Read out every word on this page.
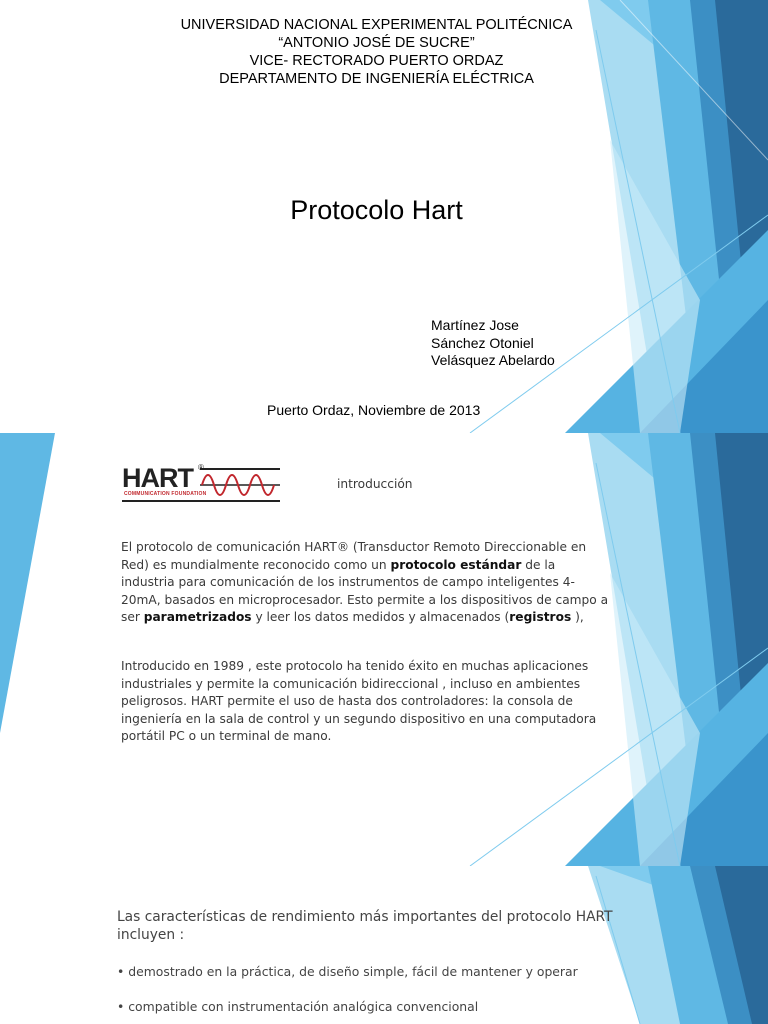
UNIVERSIDAD NACIONAL EXPERIMENTAL POLITÉCNICA
“ANTONIO JOSÉ DE SUCRE”
VICE- RECTORADO PUERTO ORDAZ
DEPARTAMENTO DE INGENIERÍA ELÉCTRICA
Protocolo Hart
Martínez Jose
Sánchez Otoniel
Velásquez Abelardo
Puerto Ordaz, Noviembre de 2013
HART ®
COMMUNICATION FOUNDATION
introducción
El protocolo de comunicación HART® (Transductor Remoto Direccionable en Red) es mundialmente reconocido como un protocolo estándar de la industria para comunicación de los instrumentos de campo inteligentes 4-20mA, basados en microprocesador. Esto permite a los dispositivos de campo a ser parametrizados y leer los datos medidos y almacenados (registros ),
Introducido en 1989 , este protocolo ha tenido éxito en muchas aplicaciones industriales y permite la comunicación bidireccional , incluso en ambientes peligrosos. HART permite el uso de hasta dos controladores: la consola de ingeniería en la sala de control y un segundo dispositivo en una computadora portátil PC o un terminal de mano.
Las características de rendimiento más importantes del protocolo HART incluyen :
• demostrado en la práctica, de diseño simple, fácil de mantener y operar
• compatible con instrumentación analógica convencional
